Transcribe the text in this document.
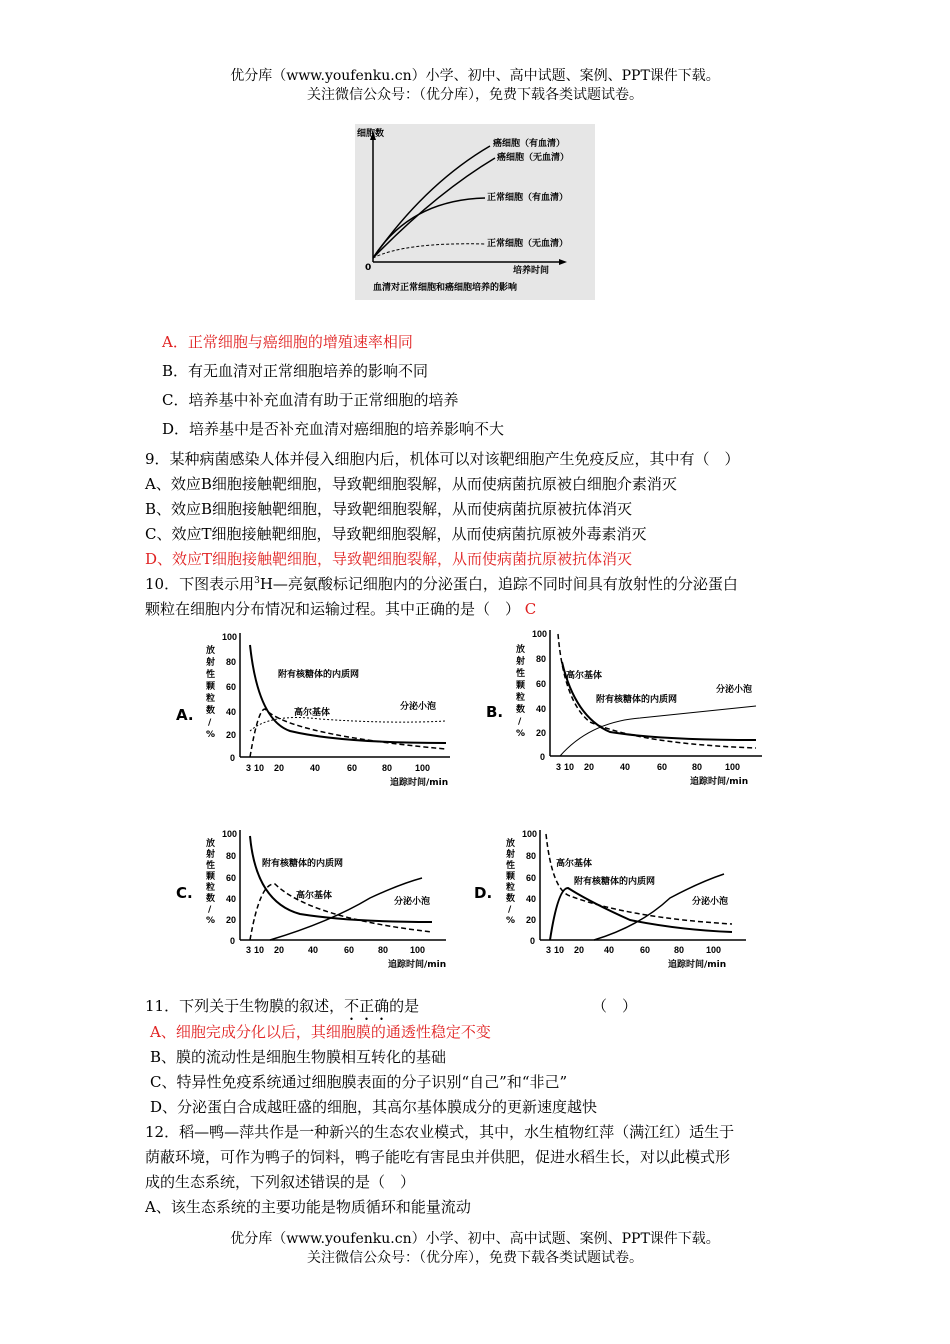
优分库（www.youfenku.cn）小学、初中、高中试题、案例、PPT课件下载。
关注微信公众号：（优分库），免费下载各类试题试卷。
细胞数
0	培养时间
血清对正常细胞和癌细胞培养的影响
癌细胞（有血清）
癌细胞（无血清）
正常细胞（有血清）
正常细胞（无血清）
A．正常细胞与癌细胞的增殖速率相同
B．有无血清对正常细胞培养的影响不同
C．培养基中补充血清有助于正常细胞的培养
D．培养基中是否补充血清对癌细胞的培养影响不大
9．某种病菌感染人体并侵入细胞内后，机体可以对该靶细胞产生免疫反应，其中有（　）
A、效应B细胞接触靶细胞，导致靶细胞裂解，从而使病菌抗原被白细胞介素消灭
B、效应B细胞接触靶细胞，导致靶细胞裂解，从而使病菌抗原被抗体消灭
C、效应T细胞接触靶细胞，导致靶细胞裂解，从而使病菌抗原被外毒素消灭
D、效应T细胞接触靶细胞，导致靶细胞裂解，从而使病菌抗原被抗体消灭
10．下图表示用$^3$H—亮氨酸标记细胞内的分泌蛋白，追踪不同时间具有放射性的分泌蛋白
颗粒在细胞内分布情况和运输过程。其中正确的是（　） C
A.
100
80
60
40
20
0
放
射
性
颗
粒
数
/
%
3 10 20	40	60	80	100
追踪时间/min
附有核糖体的内质网
高尔基体
分泌小泡	B.
100
80
60
40
20
0
放
射
性
颗
粒
数
/
%
3 10 20	40	60	80	100
追踪时间/min
高尔基体
附有核糖体的内质网
分泌小泡
C.
100
80
60
40
20
0
放
射
性
颗
粒
数
/
%
3 10 20	40	60	80 100
追踪时间/min
附有核糖体的内质网
高尔基体
分泌小泡	D.
100
80
60
40
20
0
放
射
性
颗
粒
数
/
%
3 10 20 40	60	80 100
追踪时间/min
高尔基体
附有核糖体的内质网
分泌小泡
11．下列关于生物膜的叙述，不正确的是	（　）
A、细胞完成分化以后，其细胞膜的通透性稳定不变
B、膜的流动性是细胞生物膜相互转化的基础
C、特异性免疫系统通过细胞膜表面的分子识别“自己”和“非己”
D、分泌蛋白合成越旺盛的细胞，其高尔基体膜成分的更新速度越快
12．稻—鸭—萍共作是一种新兴的生态农业模式，其中，水生植物红萍（满江红）适生于
荫蔽环境，可作为鸭子的饲料，鸭子能吃有害昆虫并供肥，促进水稻生长，对以此模式形
成的生态系统，下列叙述错误的是（　）
A、该生态系统的主要功能是物质循环和能量流动
优分库（www.youfenku.cn）小学、初中、高中试题、案例、PPT课件下载。
关注微信公众号：（优分库），免费下载各类试题试卷。
